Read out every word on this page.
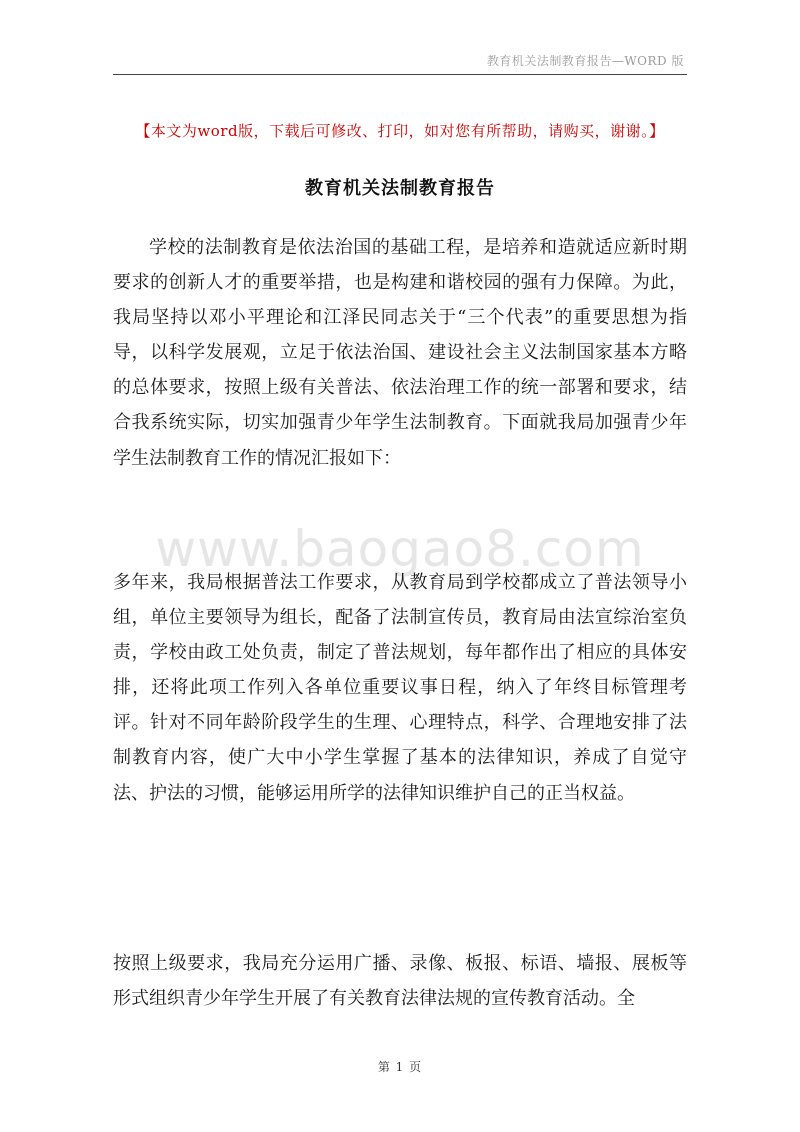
教育机关法制教育报告—WORD 版
【本文为word版，下载后可修改、打印，如对您有所帮助，请购买，谢谢。】
教育机关法制教育报告

学校的法制教育是依法治国的基础工程，是培养和造就适应新时期要求的创新人才的重要举措，也是构建和谐校园的强有力保障。为此，我局坚持以邓小平理论和江泽民同志关于“三个代表”的重要思想为指导，以科学发展观，立足于依法治国、建设社会主义法制国家基本方略的总体要求，按照上级有关普法、依法治理工作的统一部署和要求，结合我系统实际，切实加强青少年学生法制教育。下面就我局加强青少年学生法制教育工作的情况汇报如下：

www.baogao8.com

多年来，我局根据普法工作要求，从教育局到学校都成立了普法领导小组，单位主要领导为组长，配备了法制宣传员，教育局由法宣综治室负责，学校由政工处负责，制定了普法规划，每年都作出了相应的具体安排，还将此项工作列入各单位重要议事日程，纳入了年终目标管理考评。针对不同年龄阶段学生的生理、心理特点，科学、合理地安排了法制教育内容，使广大中小学生掌握了基本的法律知识，养成了自觉守法、护法的习惯，能够运用所学的法律知识维护自己的正当权益。

按照上级要求，我局充分运用广播、录像、板报、标语、墙报、展板等形式组织青少年学生开展了有关教育法律法规的宣传教育活动。全

第 1 页
